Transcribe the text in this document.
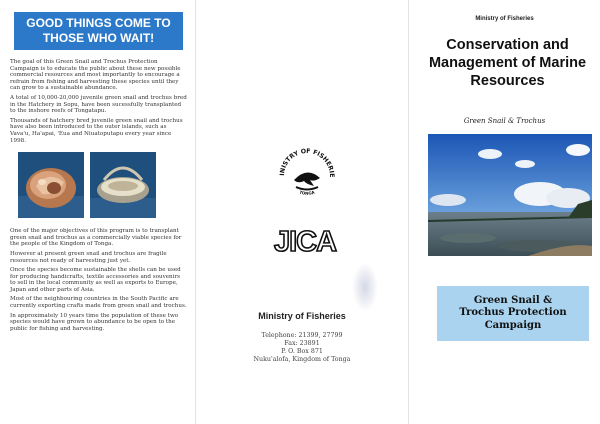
GOOD THINGS COME TO THOSE WHO WAIT!

The goal of this Green Snail and Trochus Protection Campaign is to educate the public about these new possible commercial resources and most importantly to encourage a refrain from fishing and harvesting these species until they can grow to a sustainable abundance.

A total of 10,000-20,000 juvenile green snail and trochus bred in the Hatchery in Sopu, have been sucessfully transplanted to the inshore reefs of Tongatapu.

Thousands of hatchery bred juvenile green snail and trochus have also been introduced to the outer islands, such as Vava'u, Ha'apai, 'Eua and Niuatoputapu every year since 1998.

One of the major objectives of this program is to transplant green snail and trochus as a commercially viable species for the people of the Kingdom of Tonga.

However at present green snail and trochus are fragile resources not ready of harvesting just yet.

Once the species become sustainable the shells can be used for producing handicrafts, textile accessories and souvenirs to sell in the local community as well as exports to Europe, Japan and other parts of Asia.

Most of the neighbouring countries in the South Pacific are currently exporting crafts made from green snail and trochus.

In approximately 10 years time the population of these two species would have grown to abundance to be open to the public for fishing and harvesting.

INISTRY OF FISHERIE
TONGA
JICA
Ministry of Fisheries
Telephone: 21399, 27799
Fax: 23891
P. O. Box 871
Nuku'alofa, Kingdom of Tonga
Ministry of Fisheries
Conservation and Management of Marine Resources
Green Snail & Trochus
Green Snail &
Trochus Protection
Campaign
